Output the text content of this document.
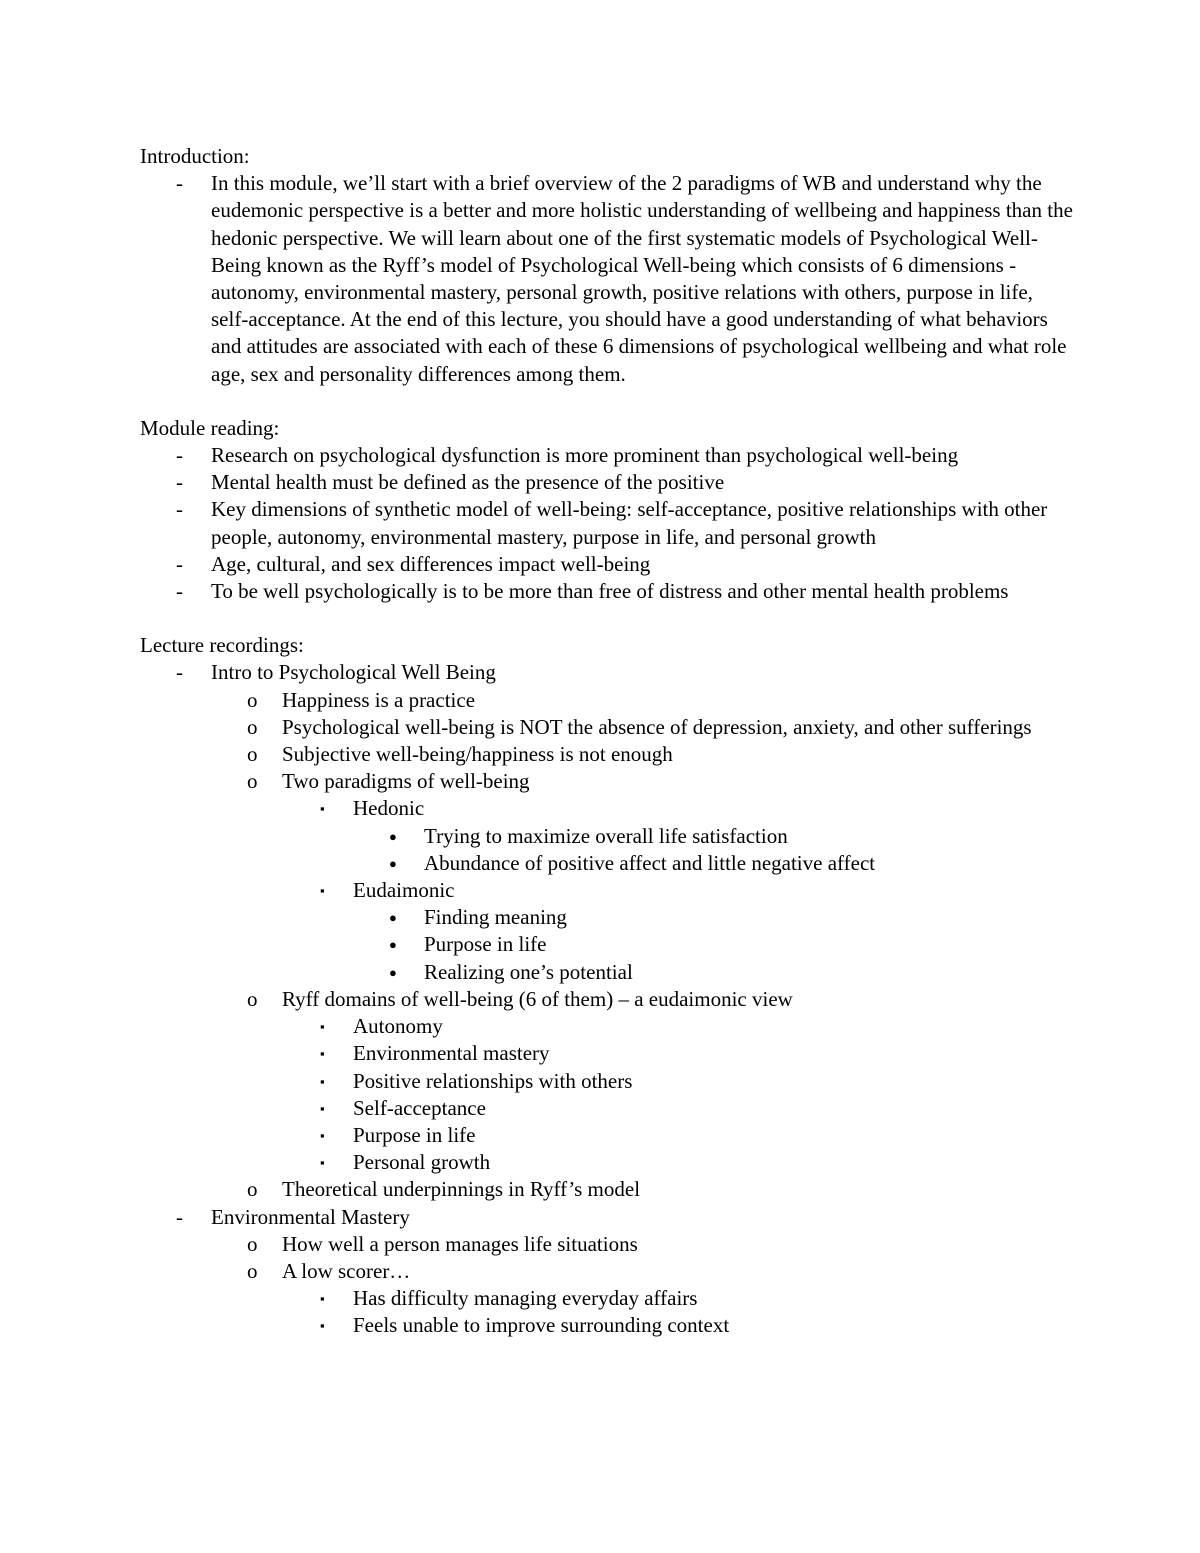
Introduction:
- In this module, we’ll start with a brief overview of the 2 paradigms of WB and understand why the eudemonic perspective is a better and more holistic understanding of wellbeing and happiness than the hedonic perspective. We will learn about one of the first systematic models of Psychological Well-Being known as the Ryff’s model of Psychological Well-being which consists of 6 dimensions - autonomy, environmental mastery, personal growth, positive relations with others, purpose in life, self-acceptance. At the end of this lecture, you should have a good understanding of what behaviors and attitudes are associated with each of these 6 dimensions of psychological wellbeing and what role age, sex and personality differences among them.
Module reading:
- Research on psychological dysfunction is more prominent than psychological well-being
- Mental health must be defined as the presence of the positive
- Key dimensions of synthetic model of well-being: self-acceptance, positive relationships with other people, autonomy, environmental mastery, purpose in life, and personal growth
- Age, cultural, and sex differences impact well-being
- To be well psychologically is to be more than free of distress and other mental health problems
Lecture recordings:
- Intro to Psychological Well Being
o Happiness is a practice
o Psychological well-being is NOT the absence of depression, anxiety, and other sufferings
o Subjective well-being/happiness is not enough
o Two paradigms of well-being
▪ Hedonic
● Trying to maximize overall life satisfaction
● Abundance of positive affect and little negative affect
▪ Eudaimonic
● Finding meaning
● Purpose in life
● Realizing one’s potential
o Ryff domains of well-being (6 of them) – a eudaimonic view
▪ Autonomy
▪ Environmental mastery
▪ Positive relationships with others
▪ Self-acceptance
▪ Purpose in life
▪ Personal growth
o Theoretical underpinnings in Ryff’s model
- Environmental Mastery
o How well a person manages life situations
o A low scorer…
▪ Has difficulty managing everyday affairs
▪ Feels unable to improve surrounding context
